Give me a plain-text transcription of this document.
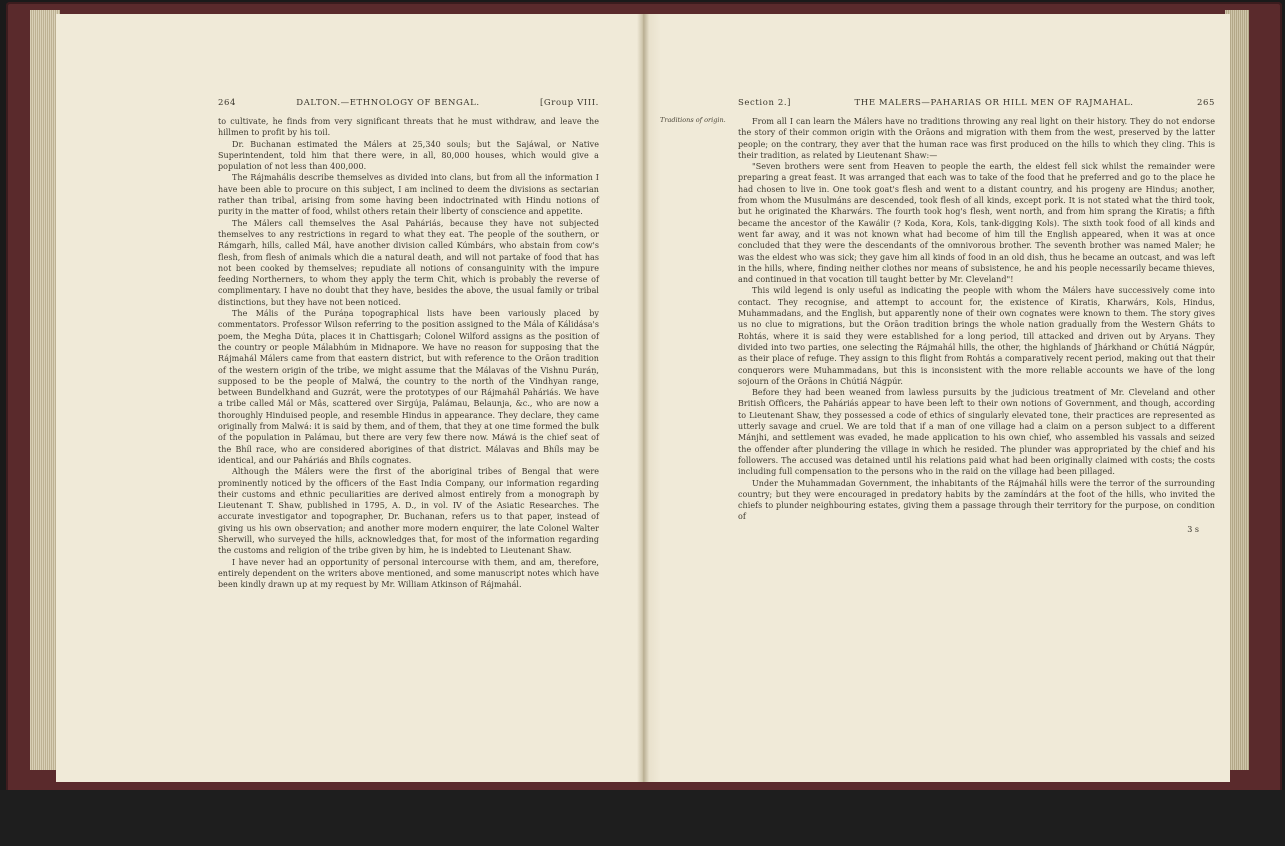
264	DALTON.—ETHNOLOGY OF BENGAL.	[Group VIII.

to cultivate, he finds from very significant threats that he must withdraw, and leave the hillmen to profit by his toil.

Dr. Buchanan estimated the Málers at 25,340 souls; but the Sajáwal, or Native Superintendent, told him that there were, in all, 80,000 houses, which would give a population of not less than 400,000.

The Rájmahális describe themselves as divided into clans, but from all the information I have been able to procure on this subject, I am inclined to deem the divisions as sectarian rather than tribal, arising from some having been indoctrinated with Hindu notions of purity in the matter of food, whilst others retain their liberty of conscience and appetite.

The Málers call themselves the Asal Paháriás, because they have not subjected themselves to any restrictions in regard to what they eat. The people of the southern, or Rámgarh, hills, called Mál, have another division called Kúmbárs, who abstain from cow's flesh, from flesh of animals which die a natural death, and will not partake of food that has not been cooked by themselves; repudiate all notions of consanguinity with the impure feeding Northerners, to whom they apply the term Chit, which is probably the reverse of complimentary. I have no doubt that they have, besides the above, the usual family or tribal distinctions, but they have not been noticed.

The Mális of the Puráṇa topographical lists have been variously placed by commentators. Professor Wilson referring to the position assigned to the Mála of Kálidása's poem, the Megha Dúta, places it in Chattisgarh; Colonel Wilford assigns as the position of the country or people Málabhúm in Midnapore. We have no reason for supposing that the Rájmahál Málers came from that eastern district, but with reference to the Orāon tradition of the western origin of the tribe, we might assume that the Málavas of the Vishnu Puráṇ, supposed to be the people of Malwá, the country to the north of the Vindhyan range, between Bundelkhand and Guzrát, were the prototypes of our Rájmahál Paháriás. We have a tribe called Mál or Mâs, scattered over Sirgúja, Palámau, Belaunja, &c., who are now a thoroughly Hinduised people, and resemble Hindus in appearance. They declare, they came originally from Malwá: it is said by them, and of them, that they at one time formed the bulk of the population in Palámau, but there are very few there now. Máwá is the chief seat of the Bhíl race, who are considered aborigines of that district. Málavas and Bhíls may be identical, and our Paháriás and Bhíls cognates.

Although the Málers were the first of the aboriginal tribes of Bengal that were prominently noticed by the officers of the East India Company, our information regarding their customs and ethnic peculiarities are derived almost entirely from a monograph by Lieutenant T. Shaw, published in 1795, A. D., in vol. IV of the Asiatic Researches. The accurate investigator and topographer, Dr. Buchanan, refers us to that paper, instead of giving us his own observation; and another more modern enquirer, the late Colonel Walter Sherwill, who surveyed the hills, acknowledges that, for most of the information regarding the customs and religion of the tribe given by him, he is indebted to Lieutenant Shaw.

I have never had an opportunity of personal intercourse with them, and am, therefore, entirely dependent on the writers above mentioned, and some manuscript notes which have been kindly drawn up at my request by Mr. William Atkinson of Rájmahál.

Section 2.]	THE MALERS—PAHARIAS OR HILL MEN OF RAJMAHAL.	265
Traditions of origin.	From all I can learn the Málers have no traditions throwing any real light on their history. They do not endorse the story of their common origin with the Orāons and migration with them from the west, preserved by the latter people; on the contrary, they aver that the human race was first produced on the hills to which they cling. This is their tradition, as related by Lieutenant Shaw:—

"Seven brothers were sent from Heaven to people the earth, the eldest fell sick whilst the remainder were preparing a great feast. It was arranged that each was to take of the food that he preferred and go to the place he had chosen to live in. One took goat's flesh and went to a distant country, and his progeny are Hindus; another, from whom the Musulmáns are descended, took flesh of all kinds, except pork. It is not stated what the third took, but he originated the Kharwárs. The fourth took hog's flesh, went north, and from him sprang the Kiratis; a fifth became the ancestor of the Kawálir (? Koda, Kora, Kols, tank-digging Kols). The sixth took food of all kinds and went far away, and it was not known what had become of him till the English appeared, when it was at once concluded that they were the descendants of the omnivorous brother. The seventh brother was named Maler; he was the eldest who was sick; they gave him all kinds of food in an old dish, thus he became an outcast, and was left in the hills, where, finding neither clothes nor means of subsistence, he and his people necessarily became thieves, and continued in that vocation till taught better by Mr. Cleveland"!

This wild legend is only useful as indicating the people with whom the Málers have successively come into contact. They recognise, and attempt to account for, the existence of Kiratis, Kharwárs, Kols, Hindus, Muhammadans, and the English, but apparently none of their own cognates were known to them. The story gives us no clue to migrations, but the Orāon tradition brings the whole nation gradually from the Western Gháts to Rohtás, where it is said they were established for a long period, till attacked and driven out by Aryans. They divided into two parties, one selecting the Rájmahál hills, the other, the highlands of Jhárkhand or Chútiá Nágpúr, as their place of refuge. They assign to this flight from Rohtás a comparatively recent period, making out that their conquerors were Muhammadans, but this is inconsistent with the more reliable accounts we have of the long sojourn of the Orāons in Chútiá Nágpúr.

Before they had been weaned from lawless pursuits by the judicious treatment of Mr. Cleveland and other British Officers, the Paháriás appear to have been left to their own notions of Government, and though, according to Lieutenant Shaw, they possessed a code of ethics of singularly elevated tone, their practices are represented as utterly savage and cruel. We are told that if a man of one village had a claim on a person subject to a different Mánjhi, and settlement was evaded, he made application to his own chief, who assembled his vassals and seized the offender after plundering the village in which he resided. The plunder was appropriated by the chief and his followers. The accused was detained until his relations paid what had been originally claimed with costs; the costs including full compensation to the persons who in the raid on the village had been pillaged.

Under the Muhammadan Government, the inhabitants of the Rájmahál hills were the terror of the surrounding country; but they were encouraged in predatory habits by the zamíndárs at the foot of the hills, who invited the chiefs to plunder neighbouring estates, giving them a passage through their territory for the purpose, on condition of

3 s
